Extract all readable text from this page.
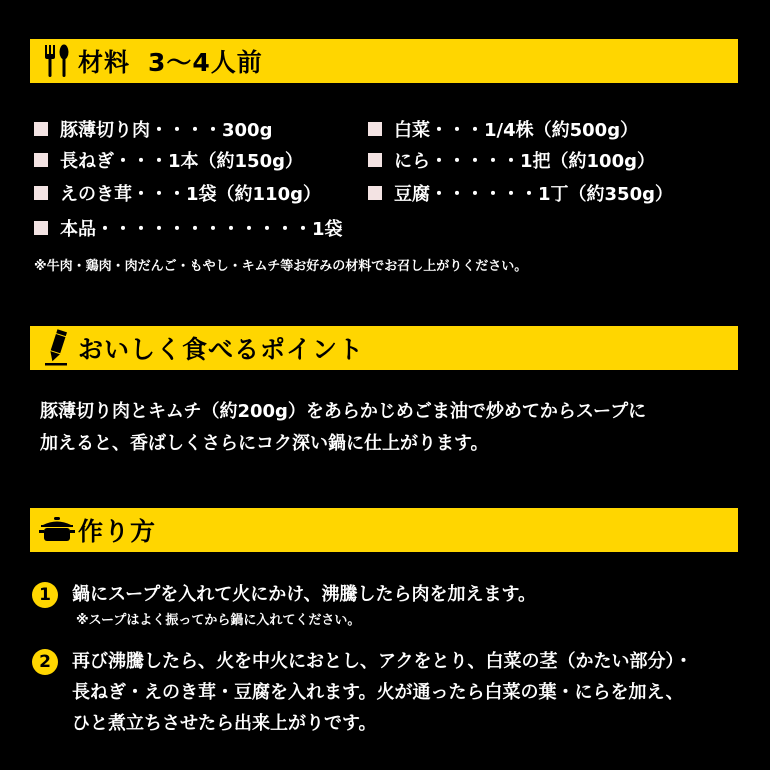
材料 3〜4人前
豚薄切り肉・・・・300g
長ねぎ・・・1本（約150g）
えのき茸・・・1袋（約110g）
本品・・・・・・・・・・・・1袋
白菜・・・1/4株（約500g）
にら・・・・・1把（約100g）
豆腐・・・・・・1丁（約350g）
※牛肉・鶏肉・肉だんご・もやし・キムチ等お好みの材料でお召し上がりください。
おいしく食べるポイント
豚薄切り肉とキムチ（約200g）をあらかじめごま油で炒めてからスープに
加えると、香ばしくさらにコク深い鍋に仕上がります。
作り方
1	鍋にスープを入れて火にかけ、沸騰したら肉を加えます。
※スープはよく振ってから鍋に入れてください。
2	再び沸騰したら、火を中火におとし、アクをとり、白菜の茎（かたい部分）・
長ねぎ・えのき茸・豆腐を入れます。火が通ったら白菜の葉・にらを加え、
ひと煮立ちさせたら出来上がりです。
